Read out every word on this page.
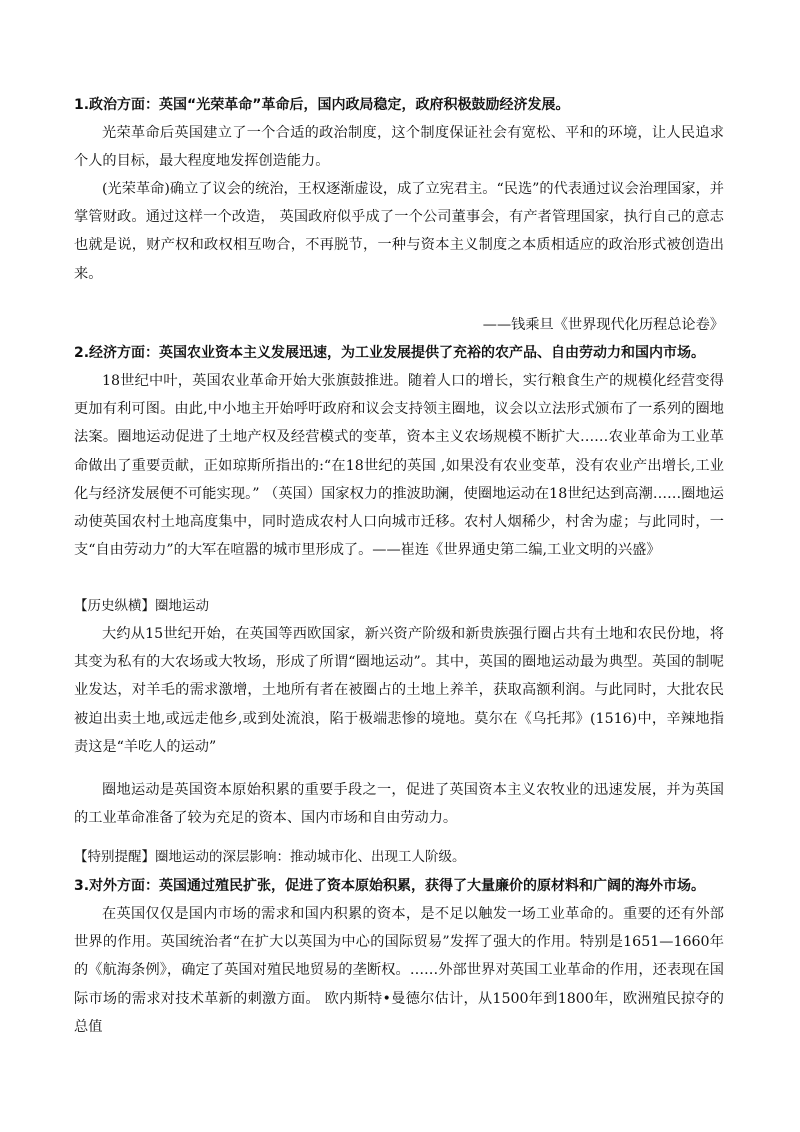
1.政治方面：英国“光荣革命”革命后，国内政局稳定，政府积极鼓励经济发展。
光荣革命后英国建立了一个合适的政治制度，这个制度保证社会有宽松、平和的环境，让人民追求个人的目标，最大程度地发挥创造能力。
(光荣革命)确立了议会的统治，王权逐渐虚设，成了立宪君主。“民选”的代表通过议会治理国家，并掌管财政。通过这样一个改造， 英国政府似乎成了一个公司董事会，有产者管理国家，执行自己的意志也就是说，财产权和政权相互吻合，不再脱节，一种与资本主义制度之本质相适应的政治形式被创造出来。
——钱乘旦《世界现代化历程总论卷》
2.经济方面：英国农业资本主义发展迅速，为工业发展提供了充裕的农产品、自由劳动力和国内市场。
18世纪中叶，英国农业革命开始大张旗鼓推进。随着人口的增长，实行粮食生产的规模化经营变得更加有利可图。由此,中小地主开始呼吁政府和议会支持领主圈地，议会以立法形式颁布了一系列的圈地法案。圈地运动促进了土地产权及经营模式的变革，资本主义农场规模不断扩大……农业革命为工业革命做出了重要贡献，正如琼斯所指出的:“在18世纪的英国 ,如果没有农业变革，没有农业产出增长,工业化与经济发展便不可能实现。” （英国）国家权力的推波助澜，使圈地运动在18世纪达到高潮……圈地运动使英国农村土地高度集中，同时造成农村人口向城市迁移。农村人烟稀少，村舍为虚；与此同时，一支“自由劳动力”的大军在喧嚣的城市里形成了。——崔连《世界通史第二编,工业文明的兴盛》
【历史纵横】圈地运动
大约从15世纪开始，在英国等西欧国家，新兴资产阶级和新贵族强行圈占共有土地和农民份地，将其变为私有的大农场或大牧场，形成了所谓“圈地运动”。其中，英国的圈地运动最为典型。英国的制呢业发达，对羊毛的需求激增，土地所有者在被圈占的土地上养羊，获取高额利润。与此同时，大批农民被迫出卖土地,或远走他乡,或到处流浪，陷于极端悲惨的境地。莫尔在《乌托邦》(1516)中，辛辣地指责这是“羊吃人的运动”
圈地运动是英国资本原始积累的重要手段之一，促进了英国资本主义农牧业的迅速发展，并为英国的工业革命准备了较为充足的资本、国内市场和自由劳动力。
【特别提醒】圈地运动的深层影响：推动城市化、出现工人阶级。
3.对外方面：英国通过殖民扩张，促进了资本原始积累，获得了大量廉价的原材料和广阔的海外市场。
在英国仅仅是国内市场的需求和国内积累的资本，是不足以触发一场工业革命的。重要的还有外部世界的作用。英国统治者“在扩大以英国为中心的国际贸易”发挥了强大的作用。特别是1651—1660年的《航海条例》，确定了英国对殖民地贸易的垄断权。……外部世界对英国工业革命的作用，还表现在国际市场的需求对技术革新的刺激方面。 欧内斯特•曼德尔估计，从1500年到1800年，欧洲殖民掠夺的总值
